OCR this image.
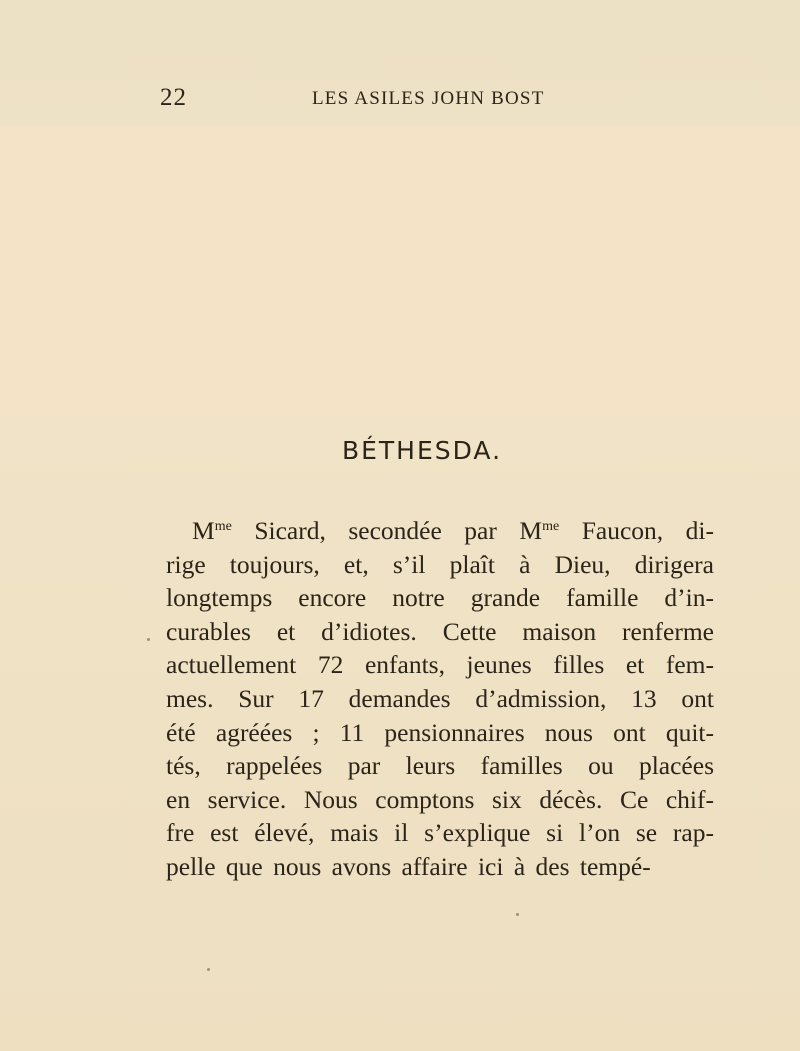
22	LES ASILES JOHN BOST
BÉTHESDA.
$M^{me}$ Sicard, secondée par $M^{me}$ Faucon, di-
rige toujours, et, s’il plaît à Dieu, dirigera
longtemps encore notre grande famille d’in-
curables et d’idiotes. Cette maison renferme
actuellement 72 enfants, jeunes filles et fem-
mes. Sur 17 demandes d’admission, 13 ont
été agréées ; 11 pensionnaires nous ont quit-
tés, rappelées par leurs familles ou placées
en service. Nous comptons six décès. Ce chif-
fre est élevé, mais il s’explique si l’on se rap-
pelle que nous avons affaire ici à des tempé-
